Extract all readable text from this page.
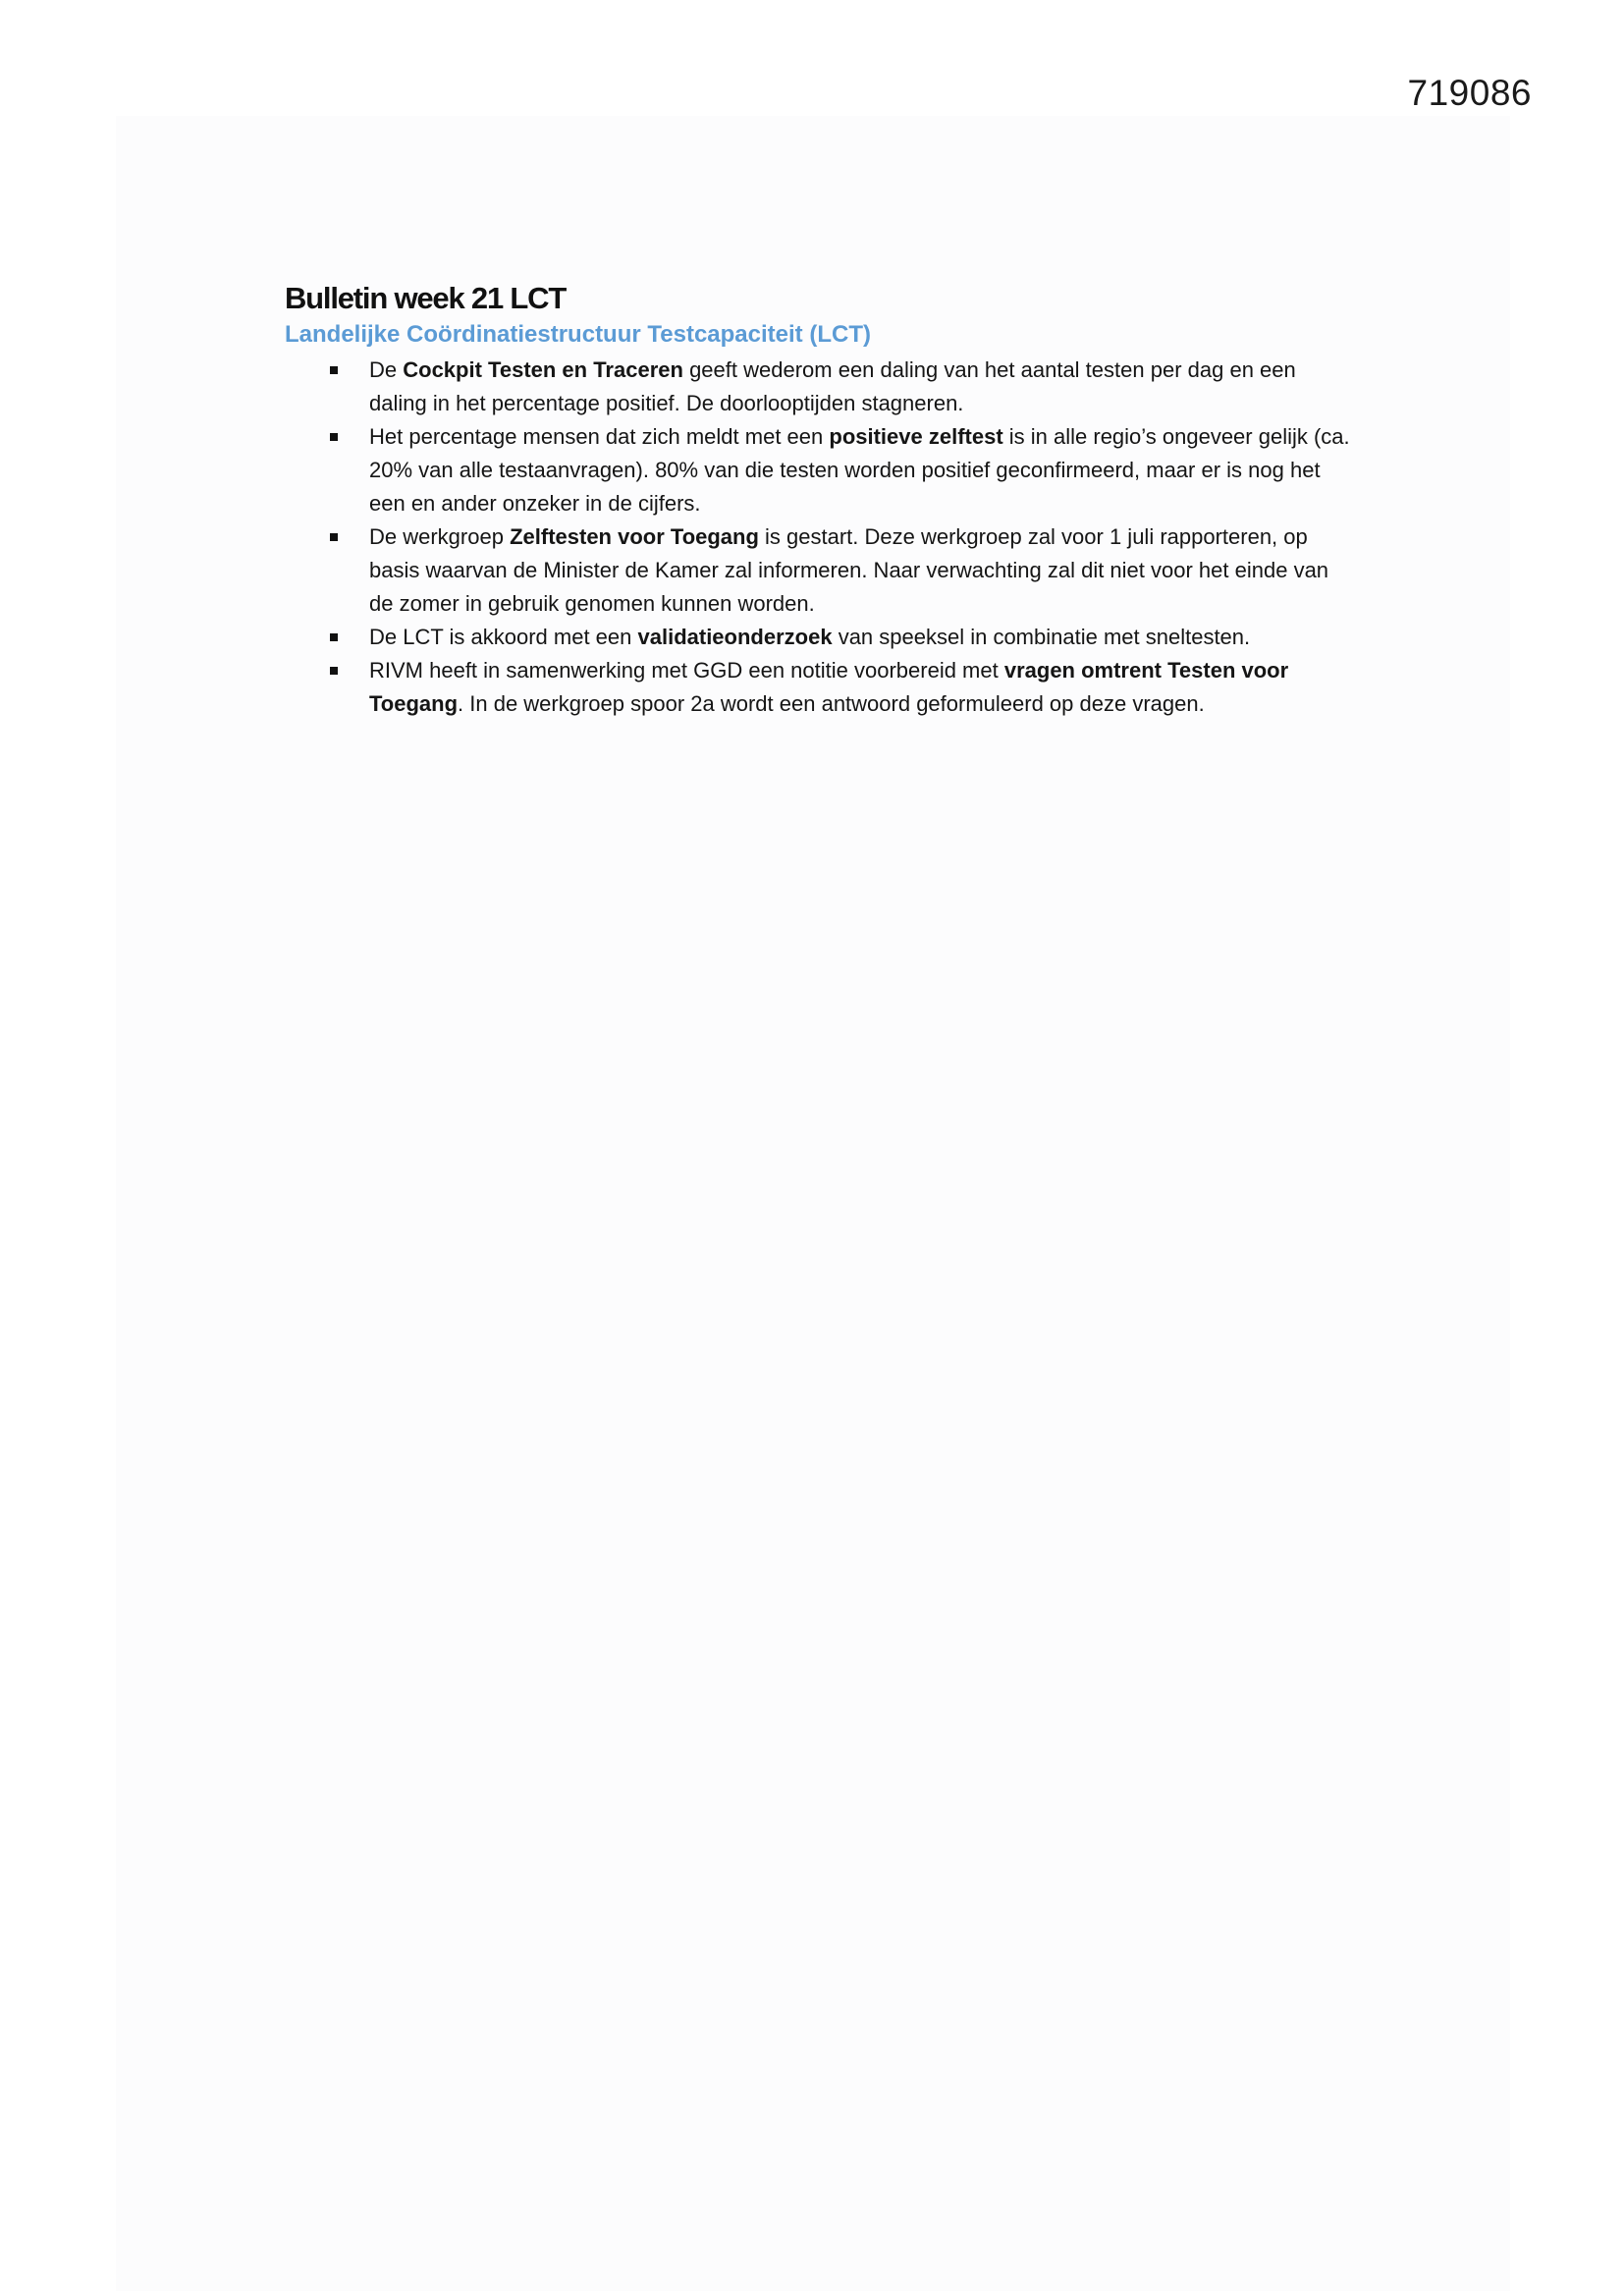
719086
Bulletin week 21 LCT
Landelijke Coördinatiestructuur Testcapaciteit (LCT)
De Cockpit Testen en Traceren geeft wederom een daling van het aantal testen per dag en een daling in het percentage positief. De doorlooptijden stagneren.
Het percentage mensen dat zich meldt met een positieve zelftest is in alle regio’s ongeveer gelijk (ca. 20% van alle testaanvragen). 80% van die testen worden positief geconfirmeerd, maar er is nog het een en ander onzeker in de cijfers.
De werkgroep Zelftesten voor Toegang is gestart. Deze werkgroep zal voor 1 juli rapporteren, op basis waarvan de Minister de Kamer zal informeren. Naar verwachting zal dit niet voor het einde van de zomer in gebruik genomen kunnen worden.
De LCT is akkoord met een validatieonderzoek van speeksel in combinatie met sneltesten.
RIVM heeft in samenwerking met GGD een notitie voorbereid met vragen omtrent Testen voor Toegang. In de werkgroep spoor 2a wordt een antwoord geformuleerd op deze vragen.
